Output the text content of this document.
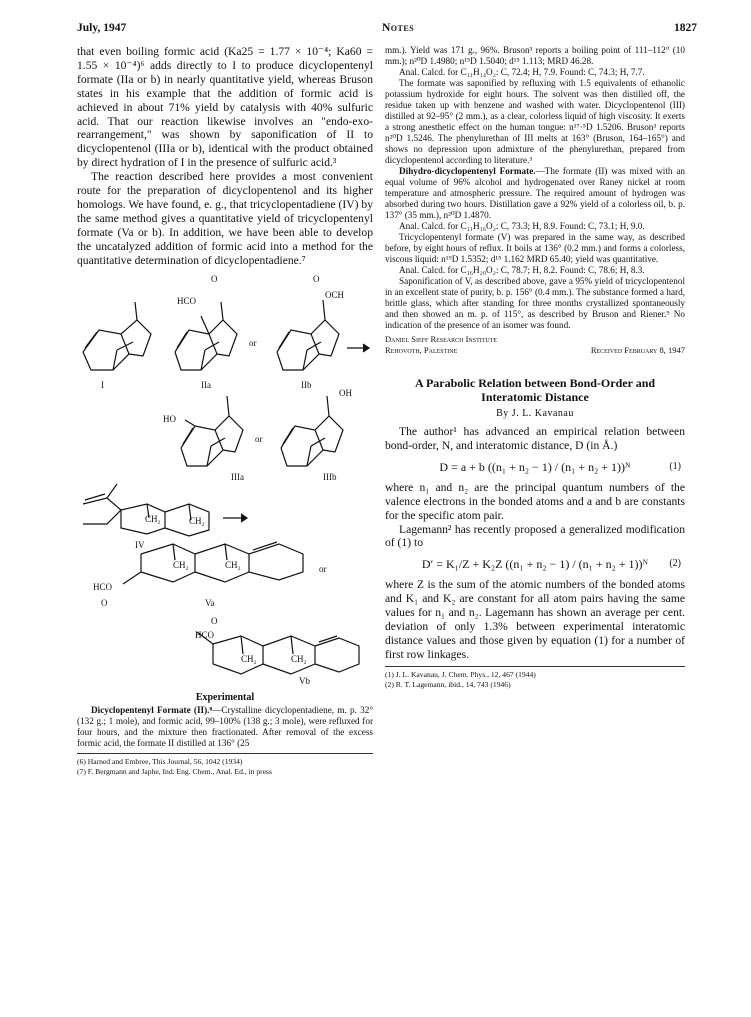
July, 1947	Notes	1827

that even boiling formic acid (Ka25 = 1.77 × 10⁻⁴; Ka60 = 1.55 × 10⁻⁴)⁶ adds directly to I to produce dicyclopentenyl formate (IIa or b) in nearly quantitative yield, whereas Bruson states in his example that the addition of formic acid is achieved in about 71% yield by catalysis with 40% sulfuric acid. That our reaction likewise involves an "endo-exo-rearrangement," was shown by saponification of II to dicyclopentenol (IIIa or b), identical with the product obtained by direct hydration of I in the presence of sulfuric acid.³

The reaction described here provides a most convenient route for the preparation of dicyclopentenol and its higher homologs. We have found, e. g., that tricyclopentadiene (IV) by the same method gives a quantitative yield of tricyclopentenyl formate (Va or b). In addition, we have been able to develop the uncatalyzed addition of formic acid into a method for the quantitative determination of dicyclopentadiene.⁷

or
or
or
O
HCO
O
OCH
I	IIa	IIb
HO
OH
IIIa	IIIb
CH₂	CH₂
IV
CH₂	CH₂
HCO
O	Va
O
HCO
CH₂	CH₂
Vb

Experimental

Dicyclopentenyl Formate (II).⁸—Crystalline dicyclopentadiene, m. p. 32° (132 g.; 1 mole), and formic acid, 99–100% (138 g.; 3 mole), were refluxed for four hours, and the mixture then fractionated. After removal of the excess formic acid, the formate II distilled at 136° (25

(6) Harned and Embree, This Journal, 56, 1042 (1934)

(7) F. Bergmann and Japhe, Ind. Eng. Chem., Anal. Ed., in press

mm.). Yield was 171 g., 96%. Bruson³ reports a boiling point of 111–112° (10 mm.); n²⁰D 1.4980; n¹⁵D 1.5040; d¹⁵ 1.113; MRD 46.28.

Anal. Calcd. for C₁₁H₁₄O₂: C, 72.4; H, 7.9. Found: C, 74.3; H, 7.7.

The formate was saponified by refluxing with 1.5 equivalents of ethanolic potassium hydroxide for eight hours. The solvent was then distilled off, the residue taken up with benzene and washed with water. Dicyclopentenol (III) distilled at 92–95° (2 mm.), as a clear, colorless liquid of high viscosity. It exerts a strong anesthetic effect on the human tongue: n¹⁷·⁵D 1.5206. Bruson³ reports n²⁰D 1.5246. The phenylurethan of III melts at 163° (Bruson, 164–165°) and shows no depression upon admixture of the phenylurethan, prepared from dicyclopentenol according to literature.³

Dihydro-dicyclopentenyl Formate.—The formate (II) was mixed with an equal volume of 96% alcohol and hydrogenated over Raney nickel at room temperature and atmospheric pressure. The required amount of hydrogen was absorbed during two hours. Distillation gave a 92% yield of a colorless oil, b. p. 137° (35 mm.), n²⁰D 1.4870.

Anal. Calcd. for C₁₁H₁₆O₂: C, 73.3; H, 8.9. Found: C, 73.1; H, 9.0.

Tricyclopentenyl formate (V) was prepared in the same way, as described before, by eight hours of reflux. It boils at 136° (0.2 mm.) and forms a colorless, viscous liquid: n¹⁹D 1.5352; d¹⁵ 1.162 MRD 65.40; yield was quantitative.

Anal. Calcd. for C₁₆H₂₀O₂: C, 78.7; H, 8.2. Found: C, 78.6; H, 8.3.

Saponification of V, as described above, gave a 95% yield of tricyclopentenol in an excellent state of purity, b. p. 156° (0.4 mm.). The substance formed a hard, brittle glass, which after standing for three months crystallized spontaneously and then showed an m. p. of 115°, as described by Bruson and Riener.⁹ No indication of the presence of an isomer was found.

Daniel Sieff Research Institute
Rehovoth, Palestine	Received February 8, 1947
A Parabolic Relation between Bond-Order and
Interatomic Distance
By J. L. Kavanau

The author¹ has advanced an empirical relation between bond-order, N, and interatomic distance, D (in Å.)

D = a + b ((n₁ + n₂ − 1) / (n₁ + n₂ + 1))ᴺ	(1)

where n₁ and n₂ are the principal quantum numbers of the valence electrons in the bonded atoms and a and b are constants for the specific atom pair.

Lagemann² has recently proposed a generalized modification of (1) to

D′ = K₁/Z + K₂Z ((n₁ + n₂ − 1) / (n₁ + n₂ + 1))ᴺ (2)

where Z is the sum of the atomic numbers of the bonded atoms and K₁ and K₂ are constant for all atom pairs having the same values for n₁ and n₂. Lagemann has shown an average per cent. deviation of only 1.3% between experimental interatomic distance values and those given by equation (1) for a number of first row linkages.

(1) J. L. Kavanau, J. Chem. Phys., 12, 467 (1944)

(2) R. T. Lagemann, ibid., 14, 743 (1946)
